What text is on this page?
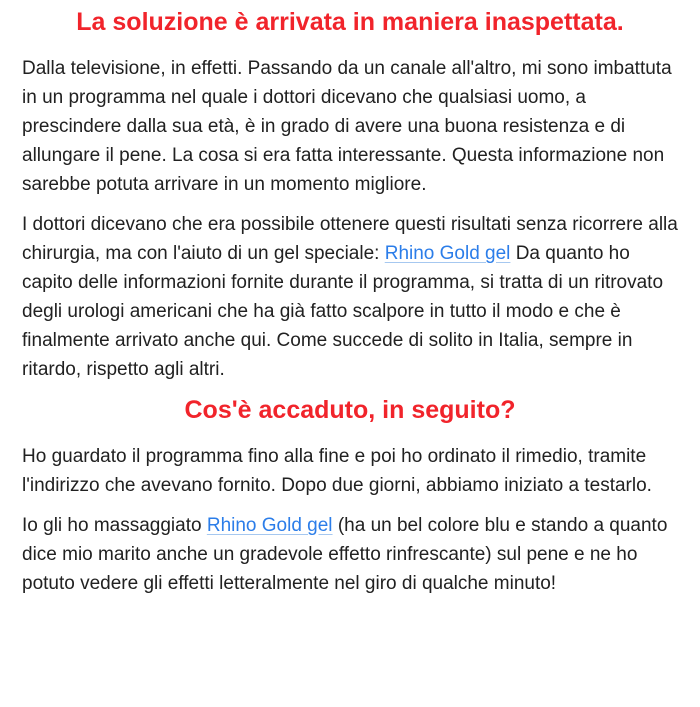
La soluzione è arrivata in maniera inaspettata.

Dalla televisione, in effetti. Passando da un canale all'altro, mi sono imbattuta in un programma nel quale i dottori dicevano che qualsiasi uomo, a prescindere dalla sua età, è in grado di avere una buona resistenza e di allungare il pene. La cosa si era fatta interessante. Questa informazione non sarebbe potuta arrivare in un momento migliore.

I dottori dicevano che era possibile ottenere questi risultati senza ricorrere alla chirurgia, ma con l'aiuto di un gel speciale: Rhino Gold gel Da quanto ho capito delle informazioni fornite durante il programma, si tratta di un ritrovato degli urologi americani che ha già fatto scalpore in tutto il modo e che è finalmente arrivato anche qui. Come succede di solito in Italia, sempre in ritardo, rispetto agli altri.

Cos'è accaduto, in seguito?

Ho guardato il programma fino alla fine e poi ho ordinato il rimedio, tramite l'indirizzo che avevano fornito. Dopo due giorni, abbiamo iniziato a testarlo.

Io gli ho massaggiato Rhino Gold gel (ha un bel colore blu e stando a quanto dice mio marito anche un gradevole effetto rinfrescante) sul pene e ne ho potuto vedere gli effetti letteralmente nel giro di qualche minuto!
